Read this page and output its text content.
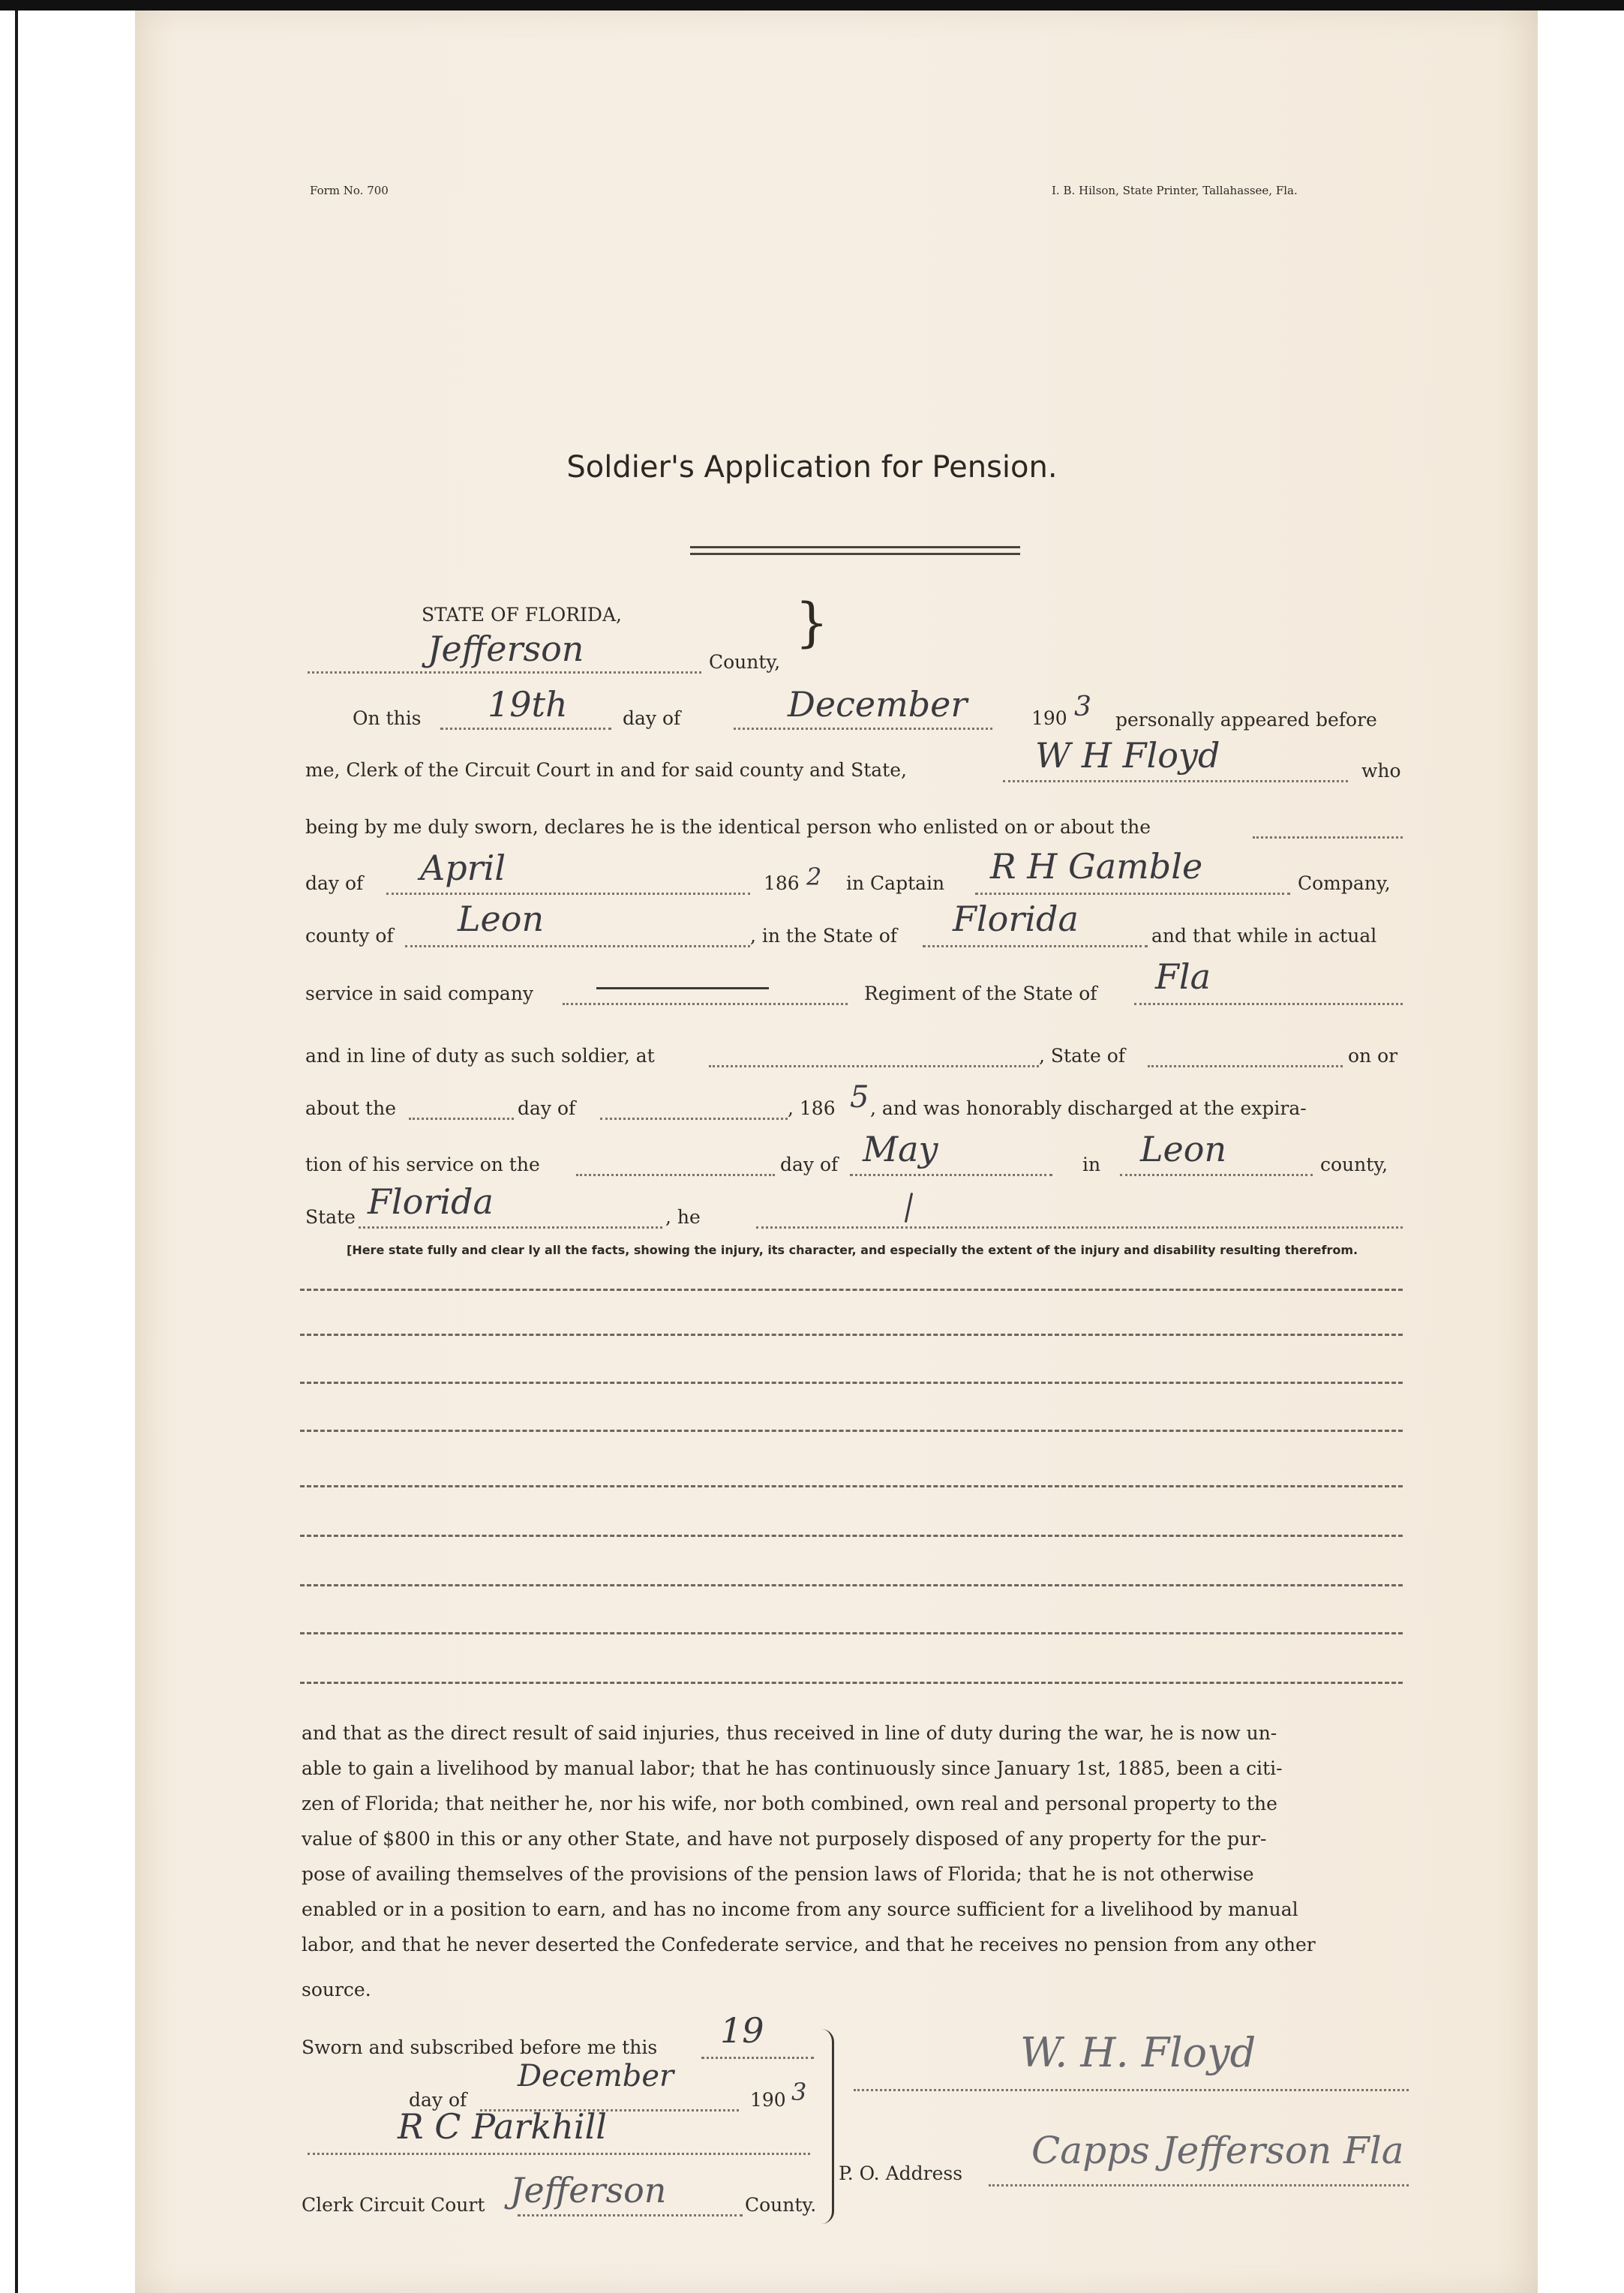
Form No. 700	I. B. Hilson, State Printer, Tallahassee, Fla.
Soldier's Application for Pension.
STATE OF FLORIDA,	}
Jefferson	County,
On this 19th	day of	December	190 3 personally appeared before
me, Clerk of the Circuit Court in and for said county and State,	W H Floyd	who
being by me duly sworn, declares he is the identical person who enlisted on or about the
day of April	186 2 in Captain R H Gamble	Company,
county of Leon	, in the State of Florida	and that while in actual
service in said company	Regiment of the State of Fla
and in line of duty as such soldier, at	, State of	on or
about the	day of	, 186 5 , and was honorably discharged at the expira-
tion of his service on the	day of May	in Leon	county,
State Florida	, he
[Here state fully and clear ly all the facts, showing the injury, its character, and especially the extent of the injury and disability resulting therefrom.
and that as the direct result of said injuries, thus received in line of duty during the war, he is now un-
able to gain a livelihood by manual labor; that he has continuously since January 1st, 1885, been a citi-
zen of Florida; that neither he, nor his wife, nor both combined, own real and personal property to the
value of $800 in this or any other State, and have not purposely disposed of any property for the pur-
pose of availing themselves of the provisions of the pension laws of Florida; that he is not otherwise
enabled or in a position to earn, and has no income from any source sufficient for a livelihood by manual
labor, and that he never deserted the Confederate service, and that he receives no pension from any other
source.
Sworn and subscribed before me this 19
day of
December
190 3
R C Parkhill
Clerk Circuit Court Jefferson	County.
W. H. Floyd
P. O. Address
Capps Jefferson Fla
